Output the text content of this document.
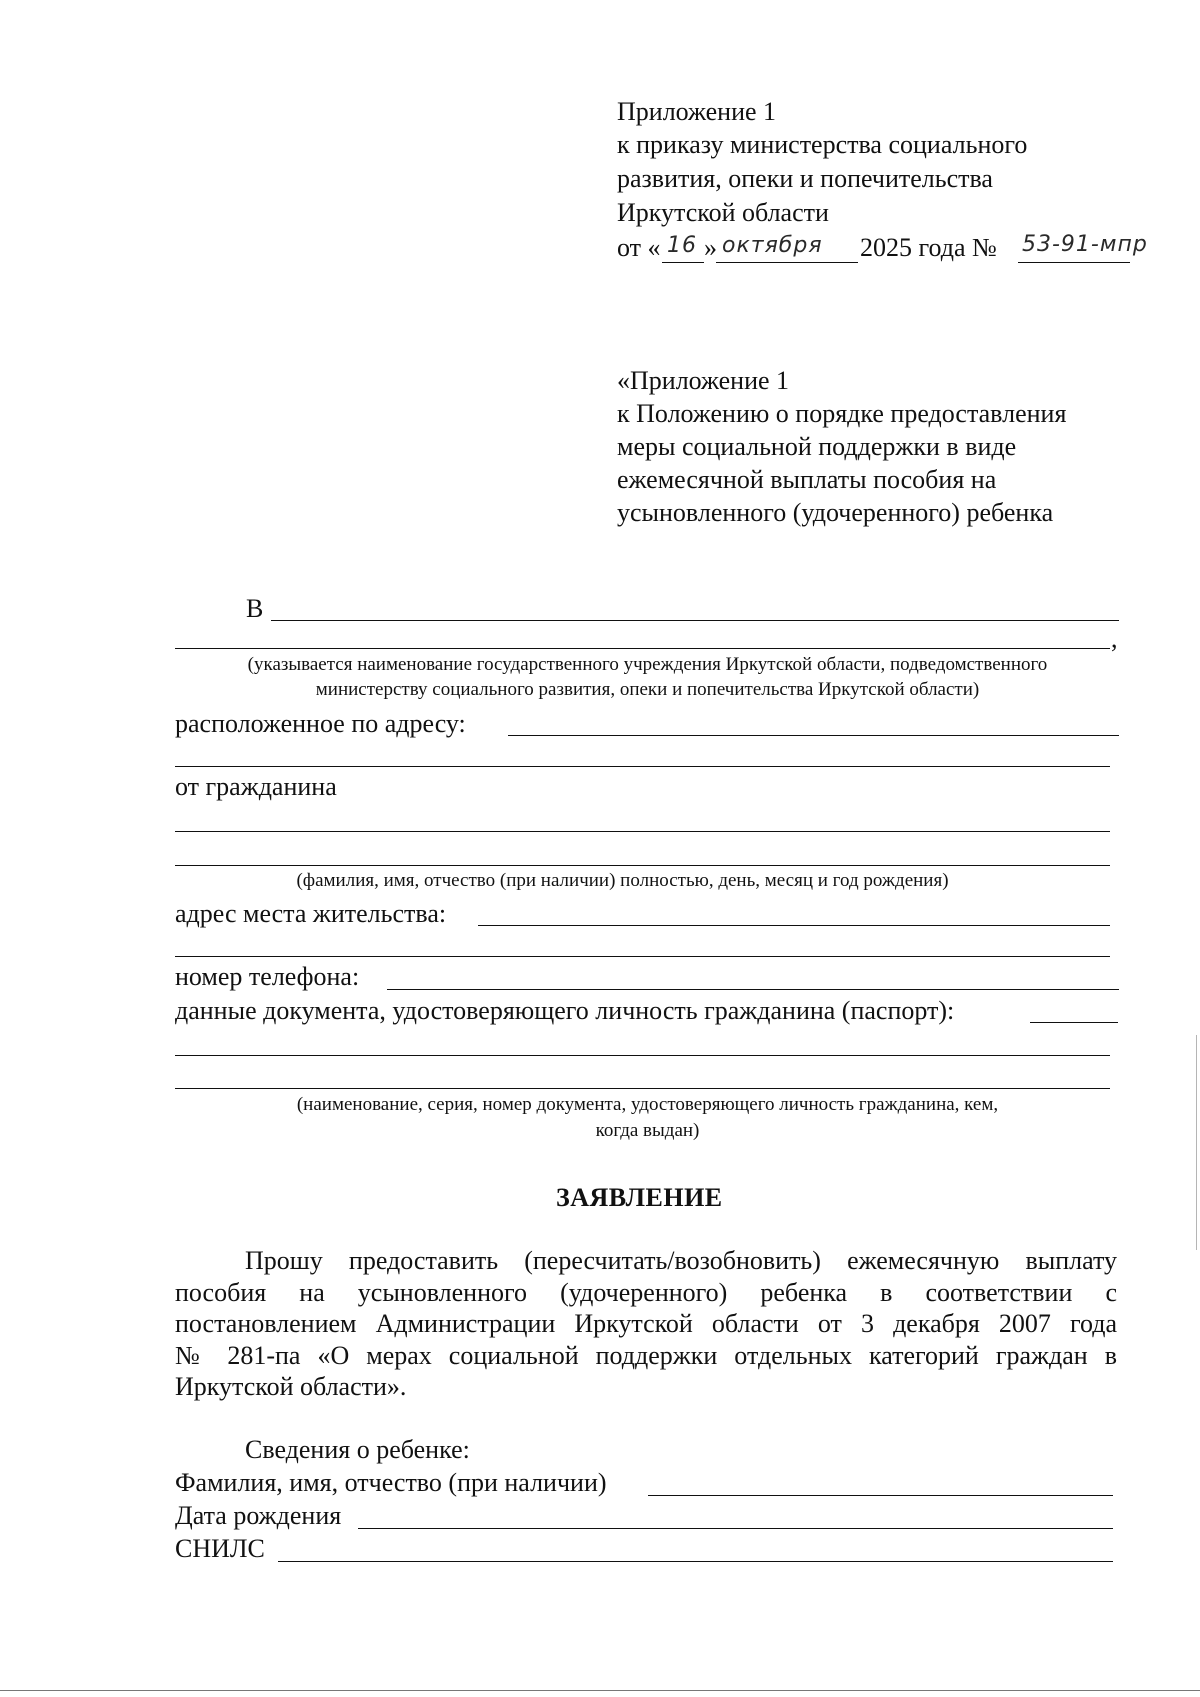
Приложение 1
к приказу министерства социального
развития, опеки и попечительства
Иркутской области
от « 16 » октября 2025 года № 53-91-мпр
«Приложение 1
к Положению о порядке предоставления
меры социальной поддержки в виде
ежемесячной выплаты пособия на
усыновленного (удочеренного) ребенка
В
,
(указывается наименование государственного учреждения Иркутской области, подведомственного
министерству социального развития, опеки и попечительства Иркутской области)
расположенное по адресу:
от гражданина
(фамилия, имя, отчество (при наличии) полностью, день, месяц и год рождения)
адрес места жительства:
номер телефона:
данные документа, удостоверяющего личность гражданина (паспорт):
(наименование, серия, номер документа, удостоверяющего личность гражданина, кем,
когда выдан)
ЗАЯВЛЕНИЕ
Прошу предоставить (пересчитать/возобновить) ежемесячную выплату
пособия на усыновленного (удочеренного) ребенка в соответствии с
постановлением Администрации Иркутской области от 3 декабря 2007 года
№ 281-па «О мерах социальной поддержки отдельных категорий граждан в
Иркутской области».
Сведения о ребенке:
Фамилия, имя, отчество (при наличии)
Дата рождения
СНИЛС
